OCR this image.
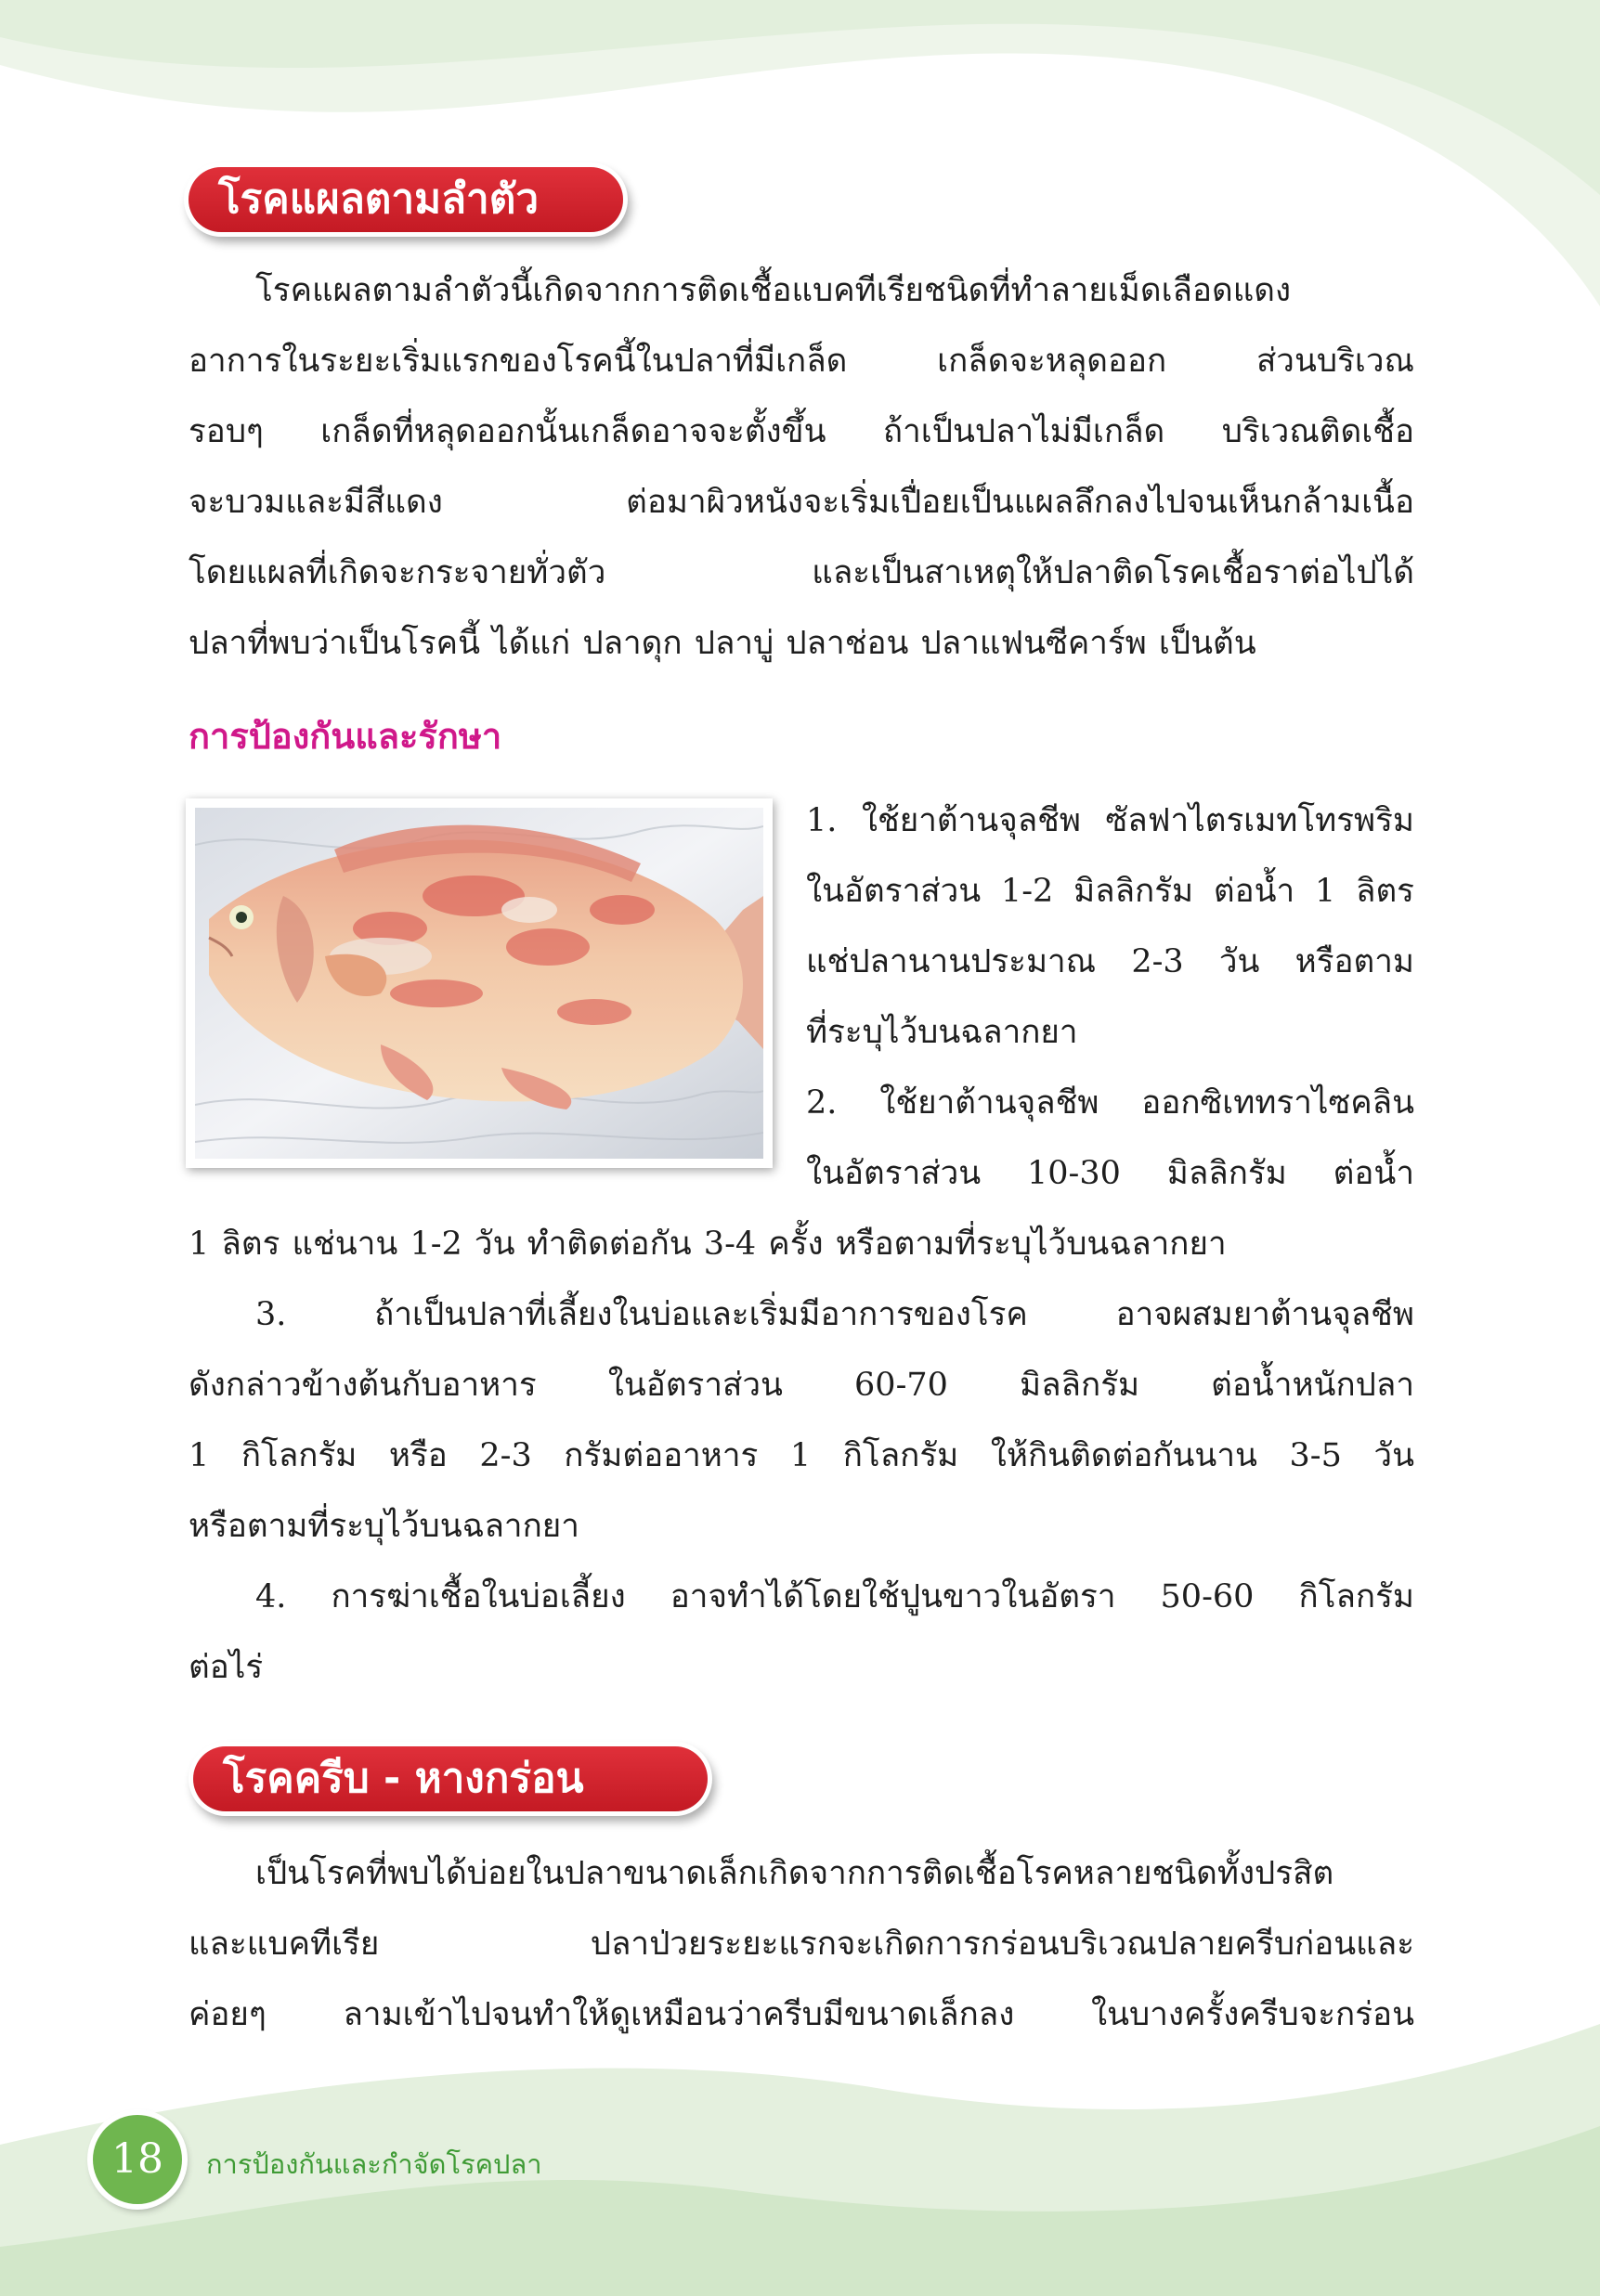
โรคแผลตามลำตัว
โรคแผลตามลำตัวนี้เกิดจากการติดเชื้อแบคทีเรียชนิดที่ทำลายเม็ดเลือดแดง
อาการในระยะเริ่มแรกของโรคนี้ในปลาที่มีเกล็ด เกล็ดจะหลุดออก ส่วนบริเวณ
รอบๆ เกล็ดที่หลุดออกนั้นเกล็ดอาจจะตั้งขึ้น ถ้าเป็นปลาไม่มีเกล็ด บริเวณติดเชื้อ
จะบวมและมีสีแดง ต่อมาผิวหนังจะเริ่มเปื่อยเป็นแผลลึกลงไปจนเห็นกล้ามเนื้อ
โดยแผลที่เกิดจะกระจายทั่วตัว และเป็นสาเหตุให้ปลาติดโรคเชื้อราต่อไปได้
ปลาที่พบว่าเป็นโรคนี้ ได้แก่ ปลาดุก ปลาบู่ ปลาช่อน ปลาแฟนซีคาร์พ เป็นต้น
การป้องกันและรักษา
1. ใช้ยาต้านจุลชีพ ซัลฟาไตรเมทโทรพริม
ในอัตราส่วน 1-2 มิลลิกรัม ต่อน้ำ 1 ลิตร
แช่ปลานานประมาณ 2-3 วัน หรือตาม
ที่ระบุไว้บนฉลากยา
2. ใช้ยาต้านจุลชีพ ออกซิเททราไซคลิน
ในอัตราส่วน 10-30 มิลลิกรัม ต่อน้ำ
1 ลิตร แช่นาน 1-2 วัน ทำติดต่อกัน 3-4 ครั้ง หรือตามที่ระบุไว้บนฉลากยา
3. ถ้าเป็นปลาที่เลี้ยงในบ่อและเริ่มมีอาการของโรค อาจผสมยาต้านจุลชีพ
ดังกล่าวข้างต้นกับอาหาร ในอัตราส่วน 60-70 มิลลิกรัม ต่อน้ำหนักปลา
1 กิโลกรัม หรือ 2-3 กรัมต่ออาหาร 1 กิโลกรัม ให้กินติดต่อกันนาน 3-5 วัน
หรือตามที่ระบุไว้บนฉลากยา
4. การฆ่าเชื้อในบ่อเลี้ยง อาจทำได้โดยใช้ปูนขาวในอัตรา 50-60 กิโลกรัม
ต่อไร่
โรคครีบ - หางกร่อน
เป็นโรคที่พบได้บ่อยในปลาขนาดเล็กเกิดจากการติดเชื้อโรคหลายชนิดทั้งปรสิต
และแบคทีเรีย ปลาป่วยระยะแรกจะเกิดการกร่อนบริเวณปลายครีบก่อนและ
ค่อยๆ ลามเข้าไปจนทำให้ดูเหมือนว่าครีบมีขนาดเล็กลง ในบางครั้งครีบจะกร่อน
18	การป้องกันและกำจัดโรคปลา
